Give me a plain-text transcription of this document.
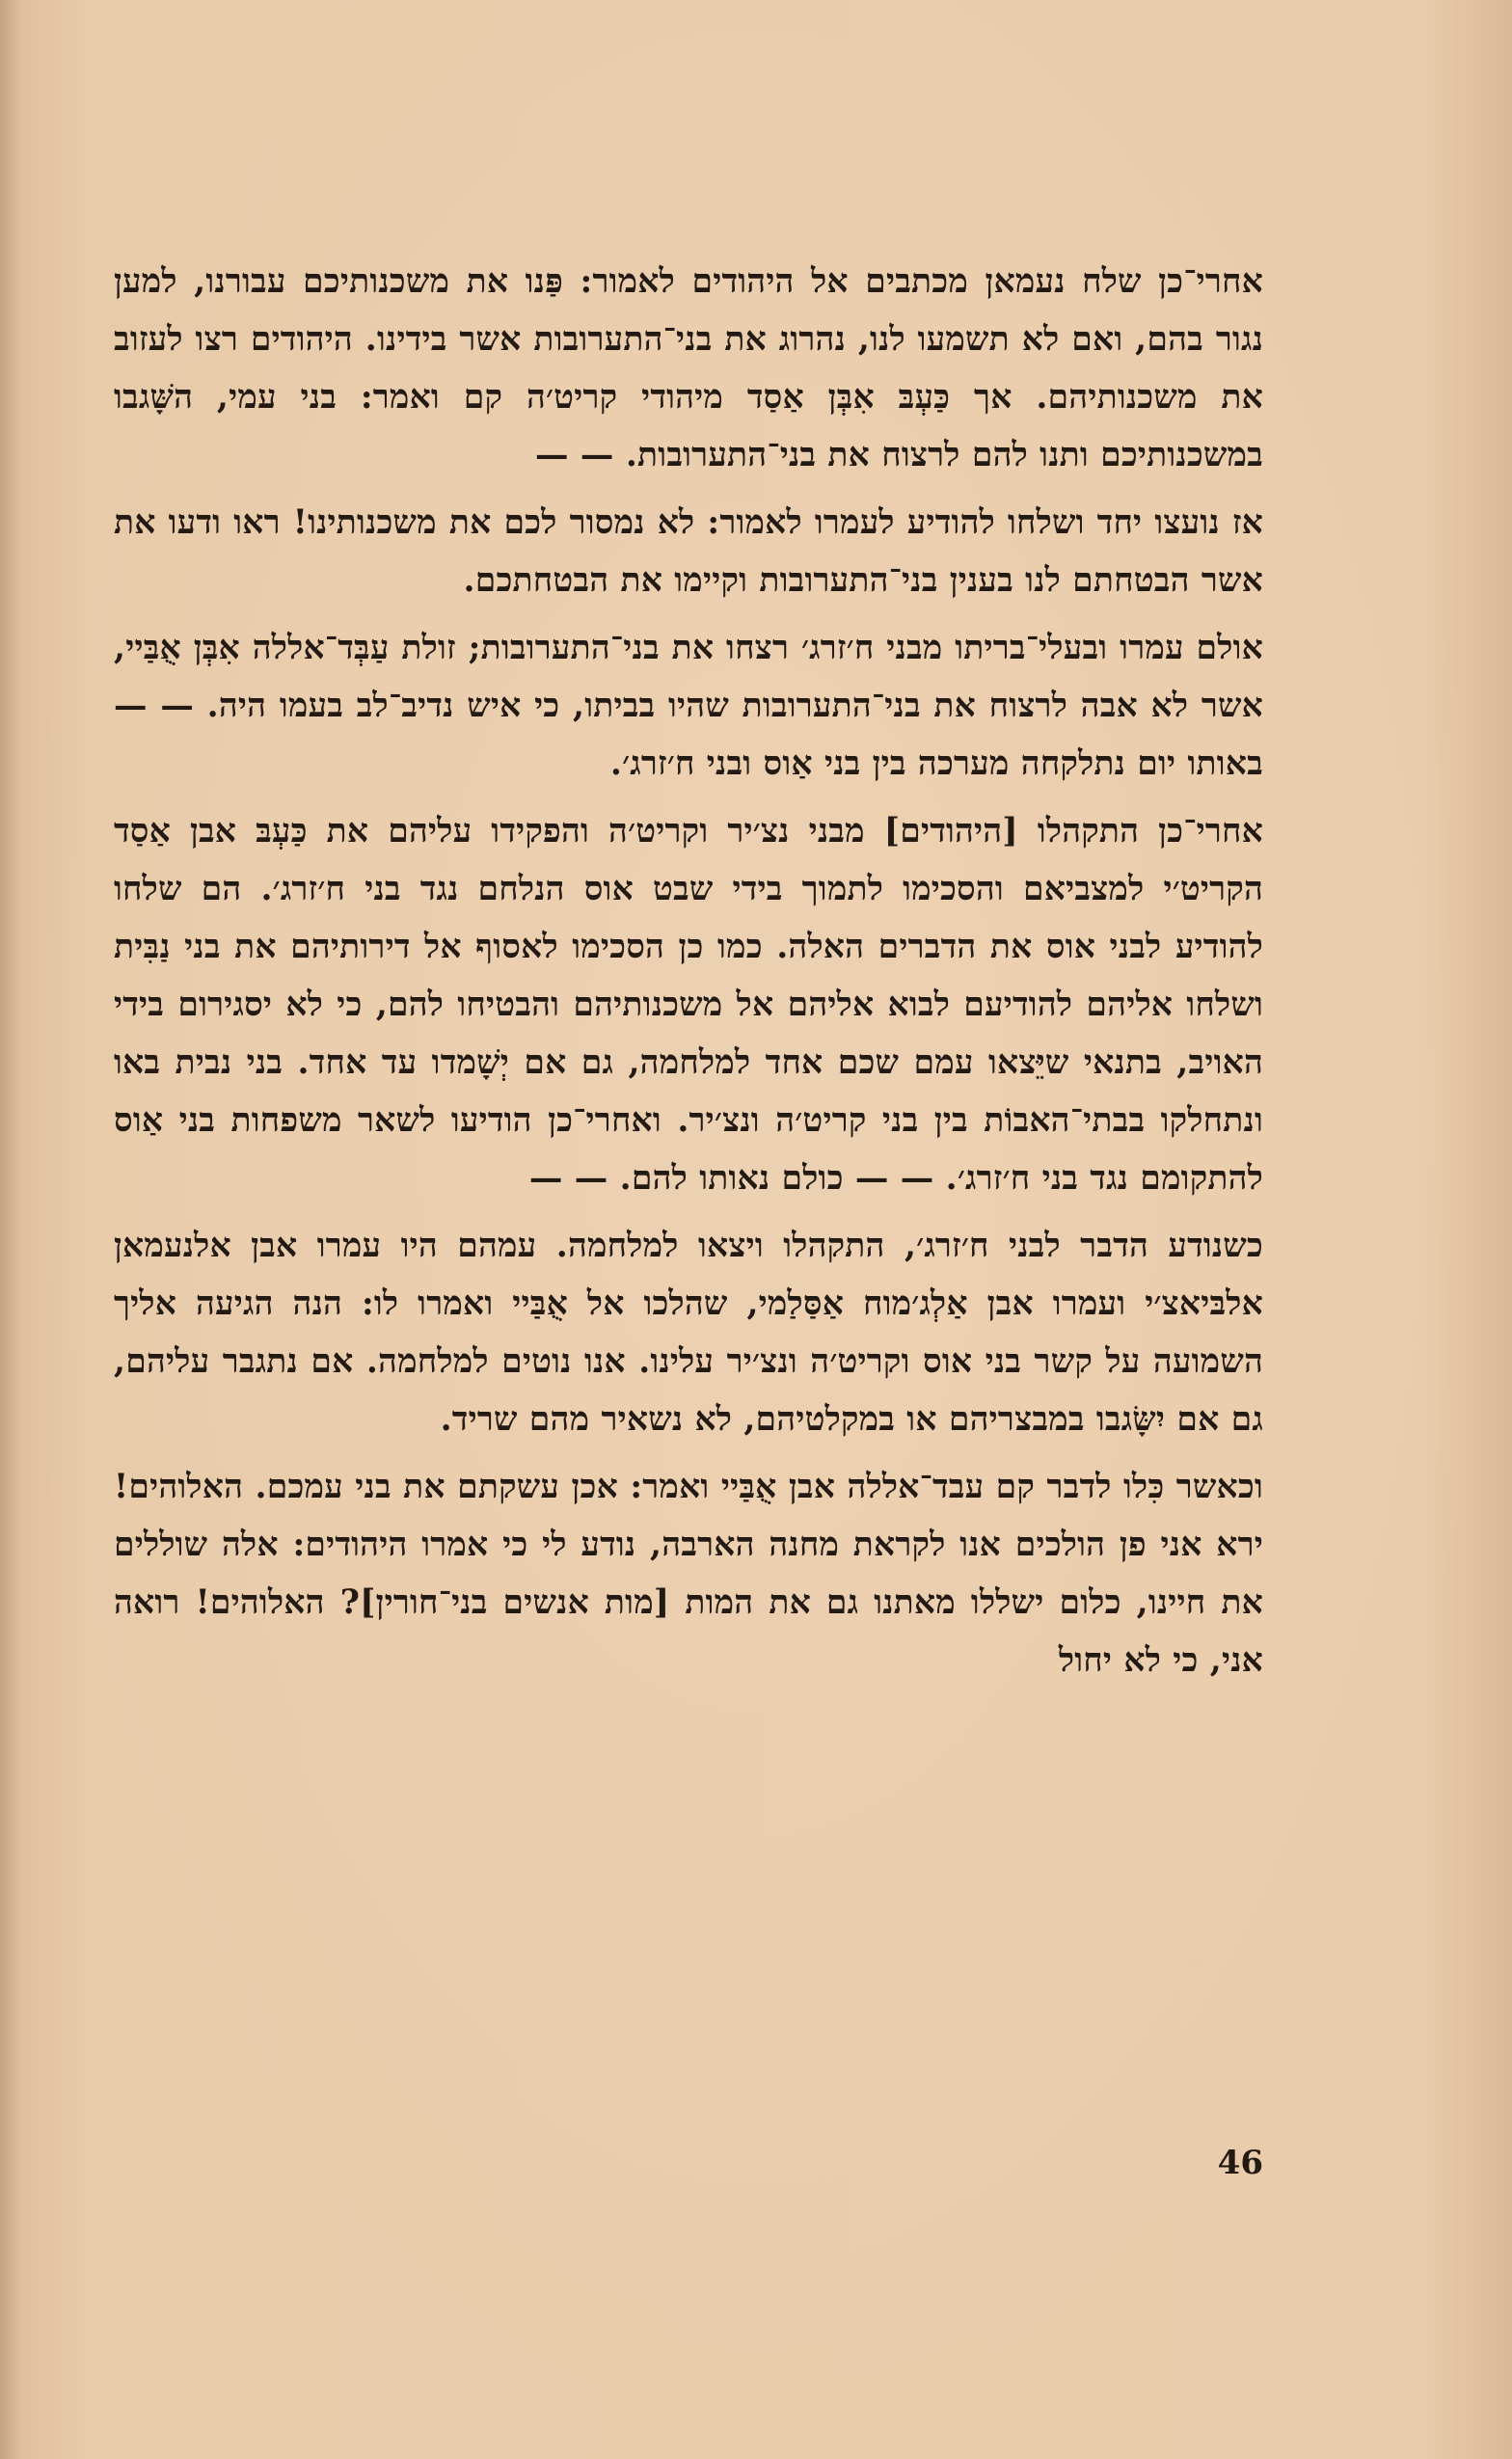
אחרי־כן שלח נעמאן מכתבים אל היהודים לאמור: פַּנו את משכנותיכם עבורנו, למען נגור בהם, ואם לא תשמעו לנו, נהרוג את בני־התערובות אשר בידינו. היהודים רצו לעזוב את משכנותיהם. אך כַּעְבּ אִבְּן אַסַד מיהודי קריט׳ה קם ואמר: בני עמי, השָּׁגבו במשכנותיכם ותנו להם לרצוח את בני־התערובות. — —

אז נועצו יחד ושלחו להודיע לעמרו לאמור: לא נמסור לכם את משכנותינו! ראו ודעו את אשר הבטחתם לנו בענין בני־התערובות וקיימו את הבטחתכם.

אולם עמרו ובעלי־בריתו מבני ח׳זרג׳ רצחו את בני־התערובות; זולת עַבְּד־אללה אִבְּן אֻבַּיי, אשר לא אבה לרצוח את בני־התערובות שהיו בביתו, כי איש נדיב־לב בעמו היה. — — באותו יום נתלקחה מערכה בין בני אַוס ובני ח׳זרג׳.

אחרי־כן התקהלו [היהודים] מבני נצ׳יר וקריט׳ה והפקידו עליהם את כַּעְבּ אבן אַסַד הקריט׳י למצביאם והסכימו לתמוך בידי שבט אוס הנלחם נגד בני ח׳זרג׳. הם שלחו להודיע לבני אוס את הדברים האלה. כמו כן הסכימו לאסוף אל דירותיהם את בני נַבִּית ושלחו אליהם להודיעם לבוא אליהם אל משכנותיהם והבטיחו להם, כי לא יסגירום בידי האויב, בתנאי שיֵּצאו עמם שכם אחד למלחמה, גם אם יְשָׁמדו עד אחד. בני נבית באו ונתחלקו בבתי־האבוֹת בין בני קריט׳ה ונצ׳יר. ואחרי־כן הודיעו לשאר משפחות בני אַוס להתקומם נגד בני ח׳זרג׳. — — כולם נאותו להם. — —

כשנודע הדבר לבני ח׳זרג׳, התקהלו ויצאו למלחמה. עמהם היו עמרו אבן אלנעמאן אלבּיאצ׳י ועמרו אבן אַלְג׳מוח אַסַּלַמי, שהלכו אל אֻבַּיי ואמרו לו: הנה הגיעה אליך השמועה על קשר בני אוס וקריט׳ה ונצ׳יר עלינו. אנו נוטים למלחמה. אם נתגבר עליהם, גם אם יִשָּׂגבו במבצריהם או במקלטיהם, לא נשאיר מהם שריד.

וכאשר כִּלו לדבר קם עבד־אללה אבן אֻבַּיי ואמר: אכן עשקתם את בני עמכם. האלוהים! ירא אני פן הולכים אנו לקראת מחנה הארבה, נודע לי כי אמרו היהודים: אלה שוללים את חיינו, כלום ישללו מאתנו גם את המות [מות אנשים בני־חורין]? האלוהים! רואה אני, כי לא יחול

46
